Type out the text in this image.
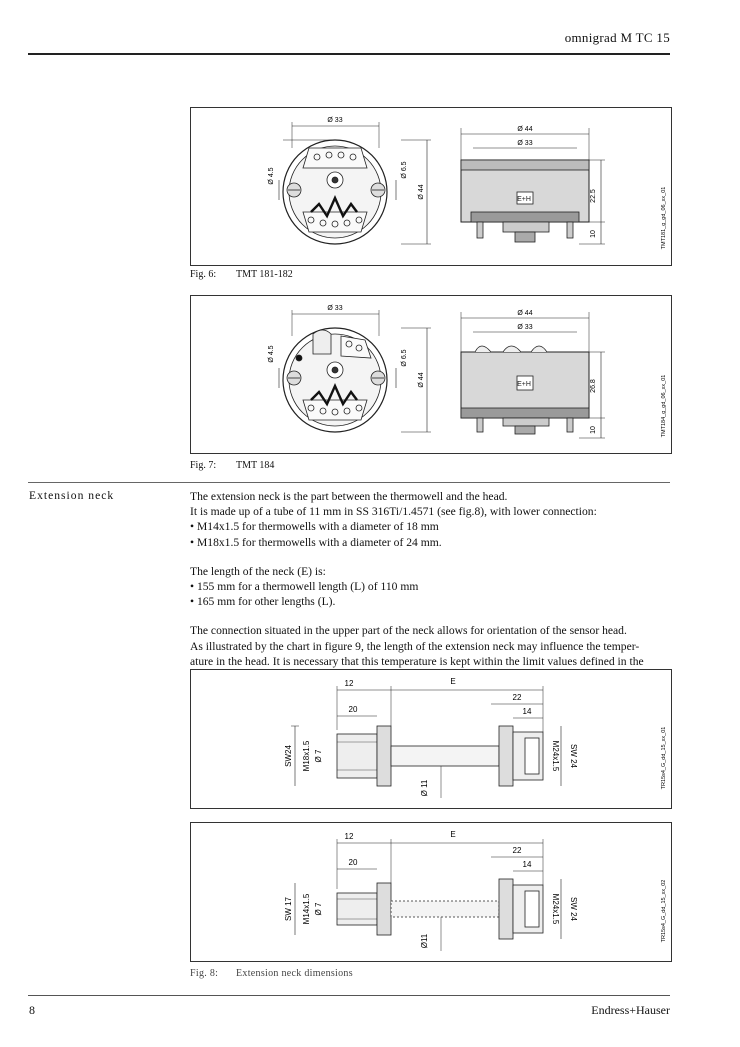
omnigrad M TC 15
E+H
Ø 33
Ø 4.5	Ø 6.5
Ø 44
Ø 44
Ø 33
22.5
10	TMT181_g_gd_06_xx_01
Fig. 6: TMT 181-182
E+H
Ø 33
Ø 4.5	Ø 6.5
Ø 44
Ø 44
Ø 33
26.8
10	TMT184_g_gd_06_xx_01
Fig. 7: TMT 184
Extension neck	The extension neck is the part between the thermowell and the head.

It is made up of a tube of 11 mm in SS 316Ti/1.4571 (see fig.8), with lower connection:

• M14x1.5 for thermowells with a diameter of 18 mm

• M18x1.5 for thermowells with a diameter of 24 mm.

The length of the neck (E) is:

• 155 mm for a thermowell length (L) of 110 mm

• 165 mm for other lengths (L).

The connection situated in the upper part of the neck allows for orientation of the sensor head.

As illustrated by the chart in figure 9, the length of the extension neck may influence the temper-

ature in the head. It is necessary that this temperature is kept within the limit values defined in the

12	E
20
22
14
SW24 M18x1.5 Ø 7
Ø 11
M24x1.5 SW 24	TR15s4_G_dd_15_xx_01
12	E
20
22
14
SW 17 M14x1.5 Ø 7
Ø11
M24x1.5 SW 24	TR15s4_G_dd_15_xx_02
Fig. 8: Extension neck dimensions
8	Endress+Hauser
